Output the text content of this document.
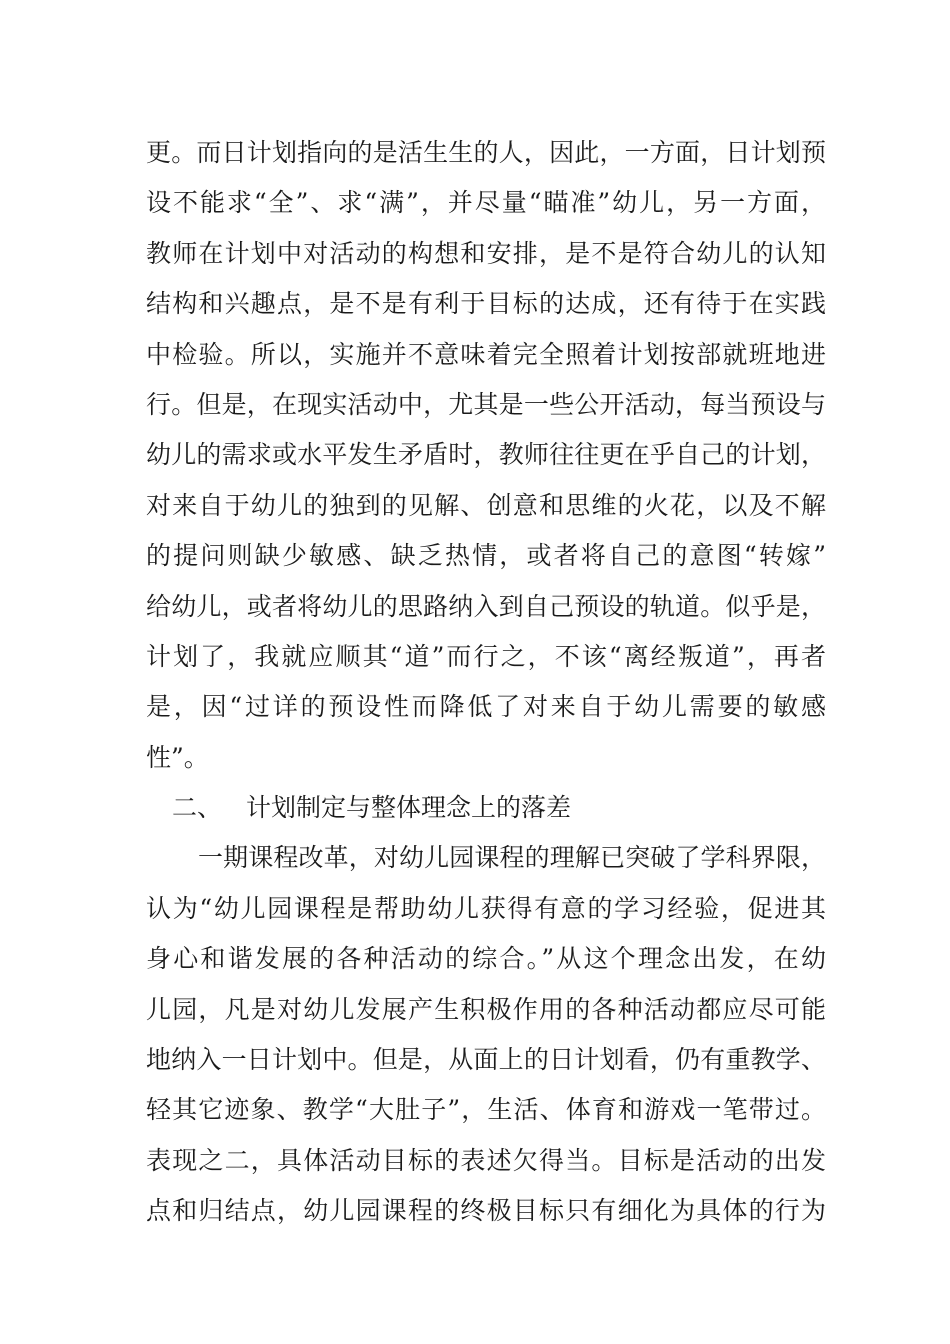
更。而日计划指向的是活生生的人，因此，一方面，日计划预
设不能求“全”、求“满”，并尽量“瞄准”幼儿，另一方面，
教师在计划中对活动的构想和安排，是不是符合幼儿的认知
结构和兴趣点，是不是有利于目标的达成，还有待于在实践
中检验。所以，实施并不意味着完全照着计划按部就班地进
行。但是，在现实活动中，尤其是一些公开活动，每当预设与
幼儿的需求或水平发生矛盾时，教师往往更在乎自己的计划，
对来自于幼儿的独到的见解、创意和思维的火花，以及不解
的提问则缺少敏感、缺乏热情，或者将自己的意图“转嫁”
给幼儿，或者将幼儿的思路纳入到自己预设的轨道。似乎是，
计划了，我就应顺其“道”而行之，不该“离经叛道”，再者
是，因“过详的预设性而降低了对来自于幼儿需要的敏感
性”。
二、 计划制定与整体理念上的落差
一期课程改革，对幼儿园课程的理解已突破了学科界限，
认为“幼儿园课程是帮助幼儿获得有意的学习经验，促进其
身心和谐发展的各种活动的综合。”从这个理念出发，在幼
儿园，凡是对幼儿发展产生积极作用的各种活动都应尽可能
地纳入一日计划中。但是，从面上的日计划看，仍有重教学、
轻其它迹象、教学“大肚子”，生活、体育和游戏一笔带过。
表现之二，具体活动目标的表述欠得当。目标是活动的出发
点和归结点，幼儿园课程的终极目标只有细化为具体的行为
